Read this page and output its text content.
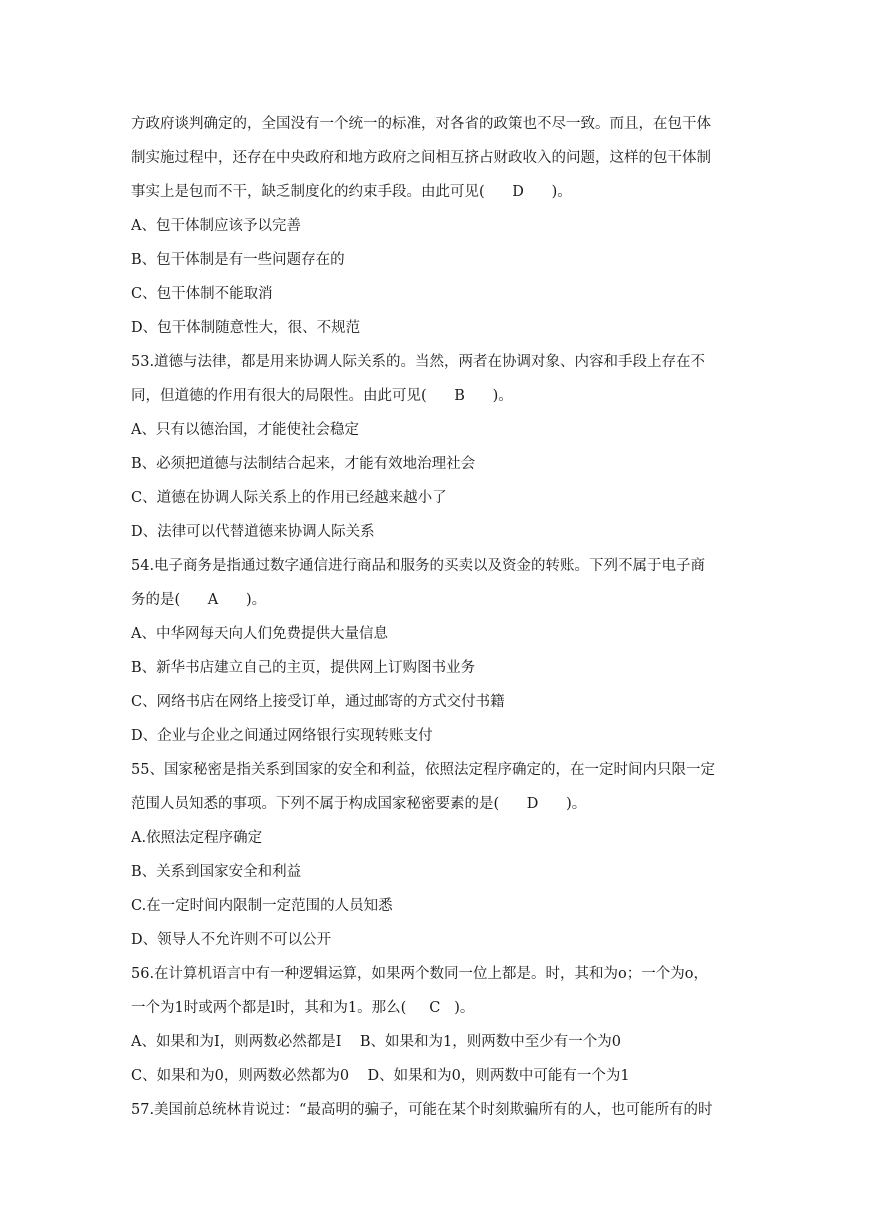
方政府谈判确定的，全国没有一个统一的标准，对各省的政策也不尽一致。而且，在包干体
制实施过程中，还存在中央政府和地方政府之间相互挤占财政收入的问题，这样的包干体制
事实上是包而不干，缺乏制度化的约束手段。由此可见(      D      )。
A、包干体制应该予以完善
B、包干体制是有一些问题存在的
C、包干体制不能取消
D、包干体制随意性大，很、不规范
53.道德与法律，都是用来协调人际关系的。当然，两者在协调对象、内容和手段上存在不
同，但道德的作用有很大的局限性。由此可见(      B      )。
A、只有以德治国，才能使社会稳定
B、必须把道德与法制结合起来，才能有效地治理社会
C、道德在协调人际关系上的作用已经越来越小了
D、法律可以代替道德来协调人际关系
54.电子商务是指通过数字通信进行商品和服务的买卖以及资金的转账。下列不属于电子商
务的是(      A      )。
A、中华网每天向人们免费提供大量信息
B、新华书店建立自己的主页，提供网上订购图书业务
C、网络书店在网络上接受订单，通过邮寄的方式交付书籍
D、企业与企业之间通过网络银行实现转账支付
55、国家秘密是指关系到国家的安全和利益，依照法定程序确定的，在一定时间内只限一定
范围人员知悉的事项。下列不属于构成国家秘密要素的是(      D      )。
A.依照法定程序确定
B、关系到国家安全和利益
C.在一定时间内限制一定范围的人员知悉
D、领导人不允许则不可以公开
56.在计算机语言中有一种逻辑运算，如果两个数同一位上都是。时，其和为o；一个为o，
一个为1时或两个都是l时，其和为1。那么(     C   )。
A、如果和为I，则两数必然都是I    B、如果和为1，则两数中至少有一个为0
C、如果和为0，则两数必然都为0    D、如果和为0，则两数中可能有一个为1
57.美国前总统林肯说过：“最高明的骗子，可能在某个时刻欺骗所有的人，也可能所有的时
